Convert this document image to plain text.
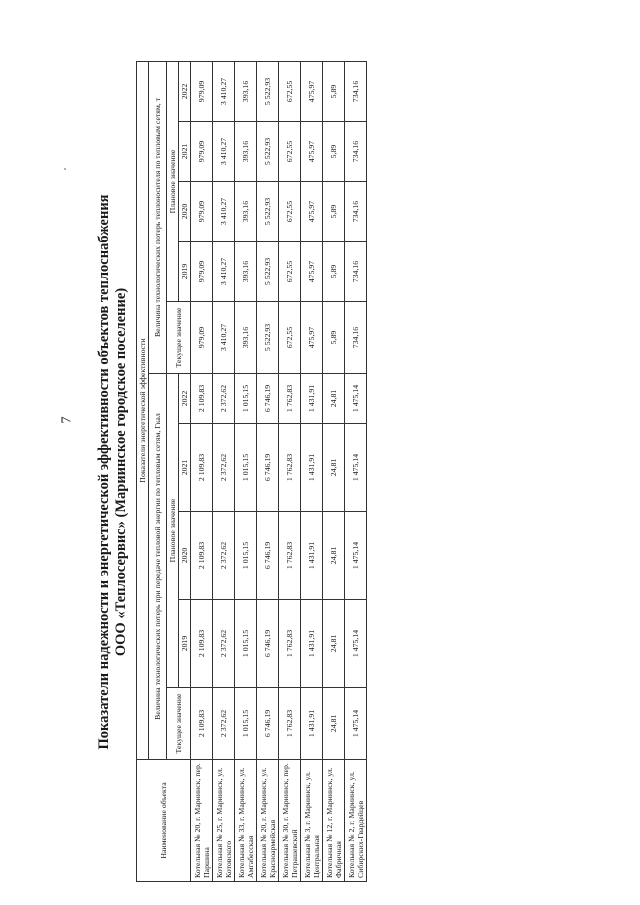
7 Показатели надежности и энергетической эффективности объектов теплоснабжения ООО «Теплосервис» (Мариинское городское поселение)
Наименование объекта	Показатели энергетической эффективности									
	Величина технологических потерь при передаче тепловой энергии по тепловым сетям, Гкал					Величина технологических потерь теплоносителя по тепловым сетям, т				
	Текущее значение	Плановое значение				Текущее значение	Плановое значение			
		2019	2020	2021	2022		2019	2020	2021	2022
Котельная № 20, г. Мариинск, пер. Паршина	2 109,83	2 109,83	2 109,83	2 109,83	2 109,83	979,09	979,09	979,09	979,09	979,09
Котельная № 25, г. Мариинск, ул. Котовского	2 372,62	2 372,62	2 372,62	2 372,62	2 372,62	3 410,27	3 410,27	3 410,27	3 410,27	3 410,27
Котельная № 33, г. Мариинск, ул. Амгабесская	1 015,15	1 015,15	1 015,15	1 015,15	1 015,15	393,16	393,16	393,16	393,16	393,16
Котельная № 20, г. Мариинск, ул. Красноармейская	6 746,19	6 746,19	6 746,19	6 746,19	6 746,19	5 522,93	5 522,93	5 522,93	5 522,93	5 522,93
Котельная № 30, г. Мариинск, пер. Петрашевский	1 762,83	1 762,83	1 762,83	1 762,83	1 762,83	672,55	672,55	672,55	672,55	672,55
Котельная № 3, г. Мариинск, ул. Центральная	1 431,91	1 431,91	1 431,91	1 431,91	1 431,91	475,97	475,97	475,97	475,97	475,97
Котельная № 12, г. Мариинск, ул. Фабричная	24,81	24,81	24,81	24,81	24,81	5,89	5,89	5,89	5,89	5,89
Котельная № 2, г. Мариинск, ул. Сибирских-Гвардейцев	1 475,14	1 475,14	1 475,14	1 475,14	1 475,14	734,16	734,16	734,16	734,16	734,16
